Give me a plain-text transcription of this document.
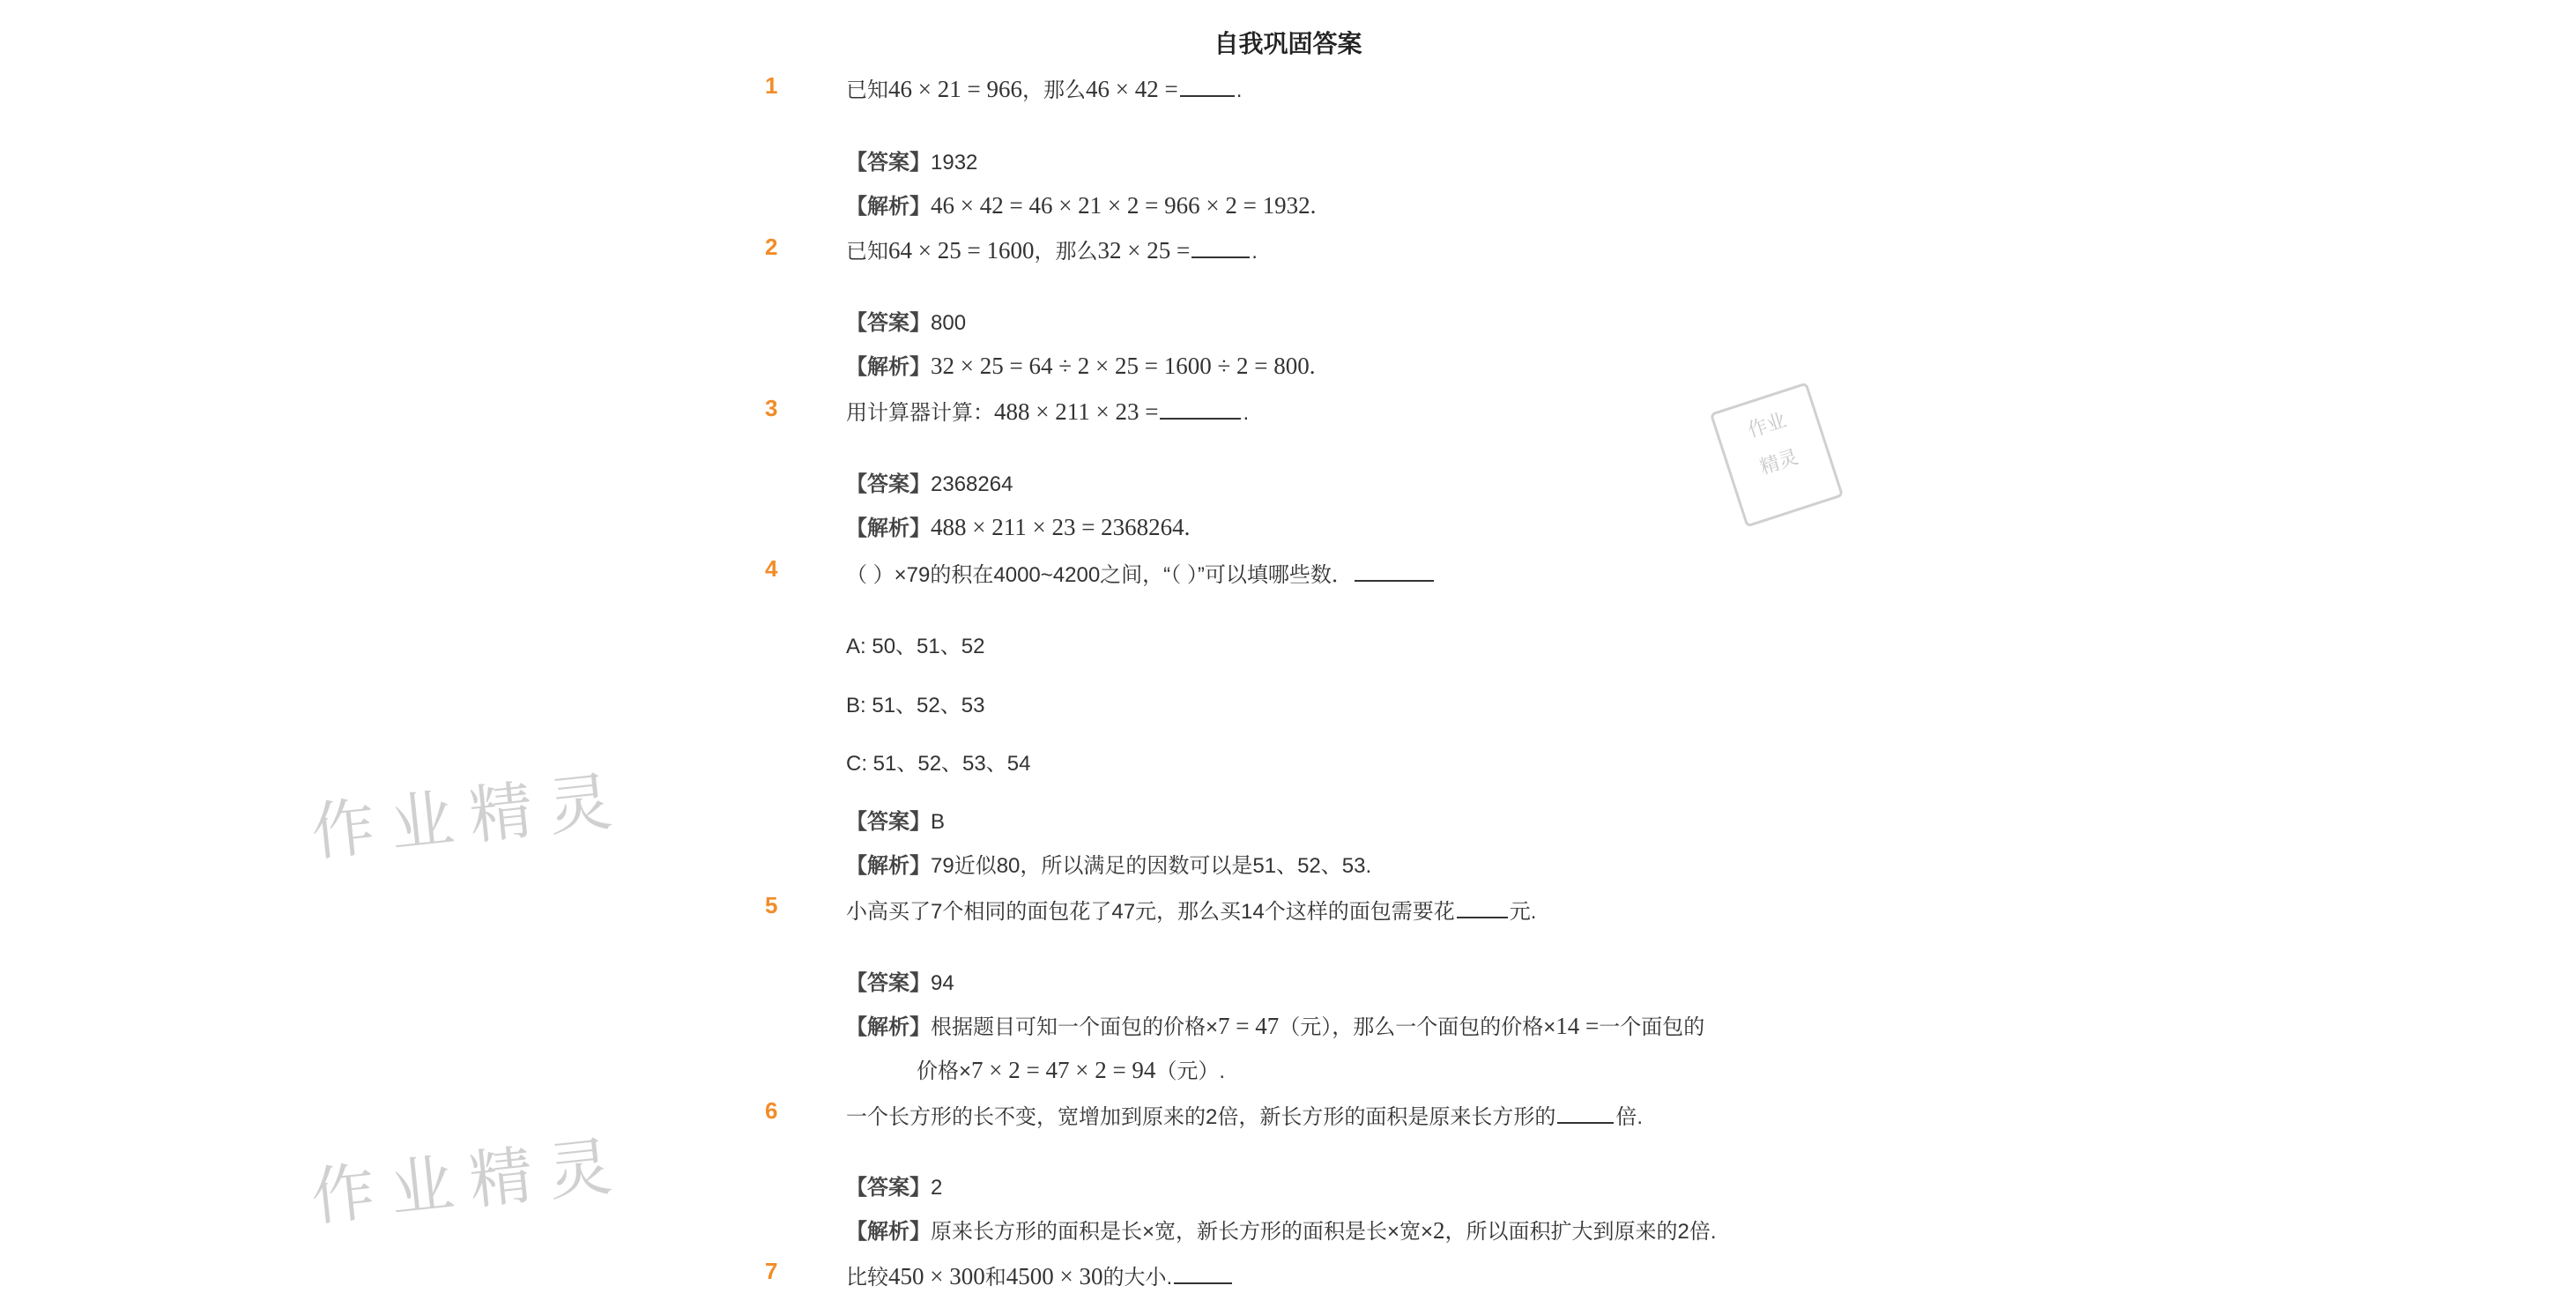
自我巩固答案
1	已知46 × 21 = 966，那么46 × 42 =	.
【答案】1932
【解析】46 × 42 = 46 × 21 × 2 = 966 × 2 = 1932.
2	已知64 × 25 = 1600，那么32 × 25 =	.
【答案】800
【解析】32 × 25 = 64 ÷ 2 × 25 = 1600 ÷ 2 = 800.
3	用计算器计算：488 × 211 × 23 =	.
【答案】2368264
【解析】488 × 211 × 23 = 2368264.
4	（ ）×79的积在4000~4200之间，“（ ）”可以填哪些数．
A: 50、51、52
B: 51、52、53
C: 51、52、53、54
【答案】B
【解析】79近似80，所以满足的因数可以是51、52、53.
5	小高买了7个相同的面包花了47元，那么买14个这样的面包需要花	元.
【答案】94
【解析】根据题目可知一个面包的价格×7 = 47（元），那么一个面包的价格×14 =一个面包的
价格×7 × 2 = 47 × 2 = 94（元）.
6	一个长方形的长不变，宽增加到原来的2倍，新长方形的面积是原来长方形的	倍.
【答案】2
【解析】原来长方形的面积是长×宽，新长方形的面积是长×宽×2，所以面积扩大到原来的2倍.
7	比较450 × 300和4500 × 30的大小.
作业精灵
作业精灵
作业
精灵
